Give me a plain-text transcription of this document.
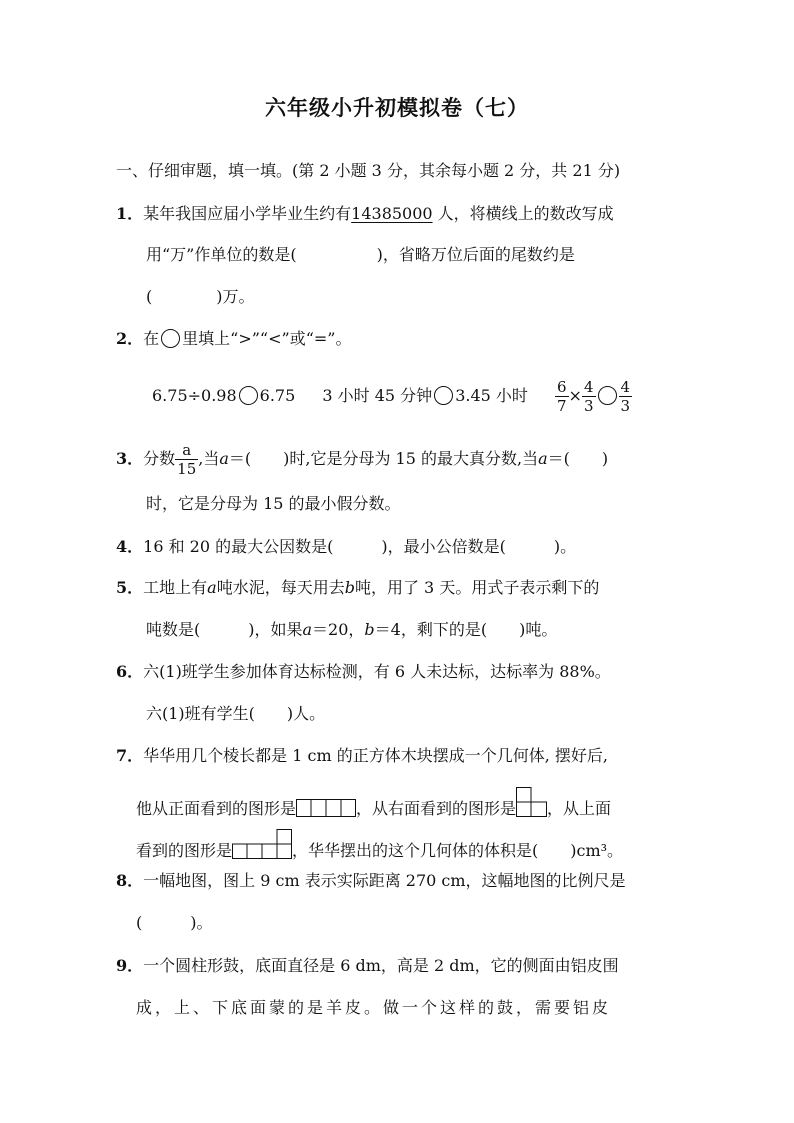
六年级小升初模拟卷（七）
一、仔细审题，填一填。(第 2 小题 3 分，其余每小题 2 分，共 21 分)
1．某年我国应届小学毕业生约有14385000 人，将横线上的数改写成
用“万”作单位的数是(　　　　　)，省略万位后面的尾数约是
(　　　　)万。
2．在 里填上“>”“<”或“=”。
6.75÷0.98 6.75 3 小时 45 分钟 3.45 小时 $\frac{6}{7} \times \frac{4}{3} \frac{4}{3}$
3．分数 $\frac{a}{15}$ ,当a＝(　　)时,它是分母为 15 的最大真分数,当a＝(　　)
时，它是分母为 15 的最小假分数。
4．16 和 20 的最大公因数是(　　　)，最小公倍数是(　　　)。
5．工地上有a吨水泥，每天用去b吨，用了 3 天。用式子表示剩下的
吨数是(　　　)，如果a＝20，b＝4，剩下的是(　　)吨。
6．六(1)班学生参加体育达标检测，有 6 人未达标，达标率为 88%。
六(1)班有学生(　　)人。
7．华华用几个棱长都是 1 cm 的正方体木块摆成一个几何体, 摆好后,
他从正面看到的图形是	，从右面看到的图形是 ，从上面
看到的图形是	，华华摆出的这个几何体的体积是(　　)cm³。
8．一幅地图，图上 9 cm 表示实际距离 270 cm，这幅地图的比例尺是
(　　　)。
9．一个圆柱形鼓，底面直径是 6 dm，高是 2 dm，它的侧面由铝皮围
成，上、下底面蒙的是羊皮。做一个这样的鼓，需要铝皮
